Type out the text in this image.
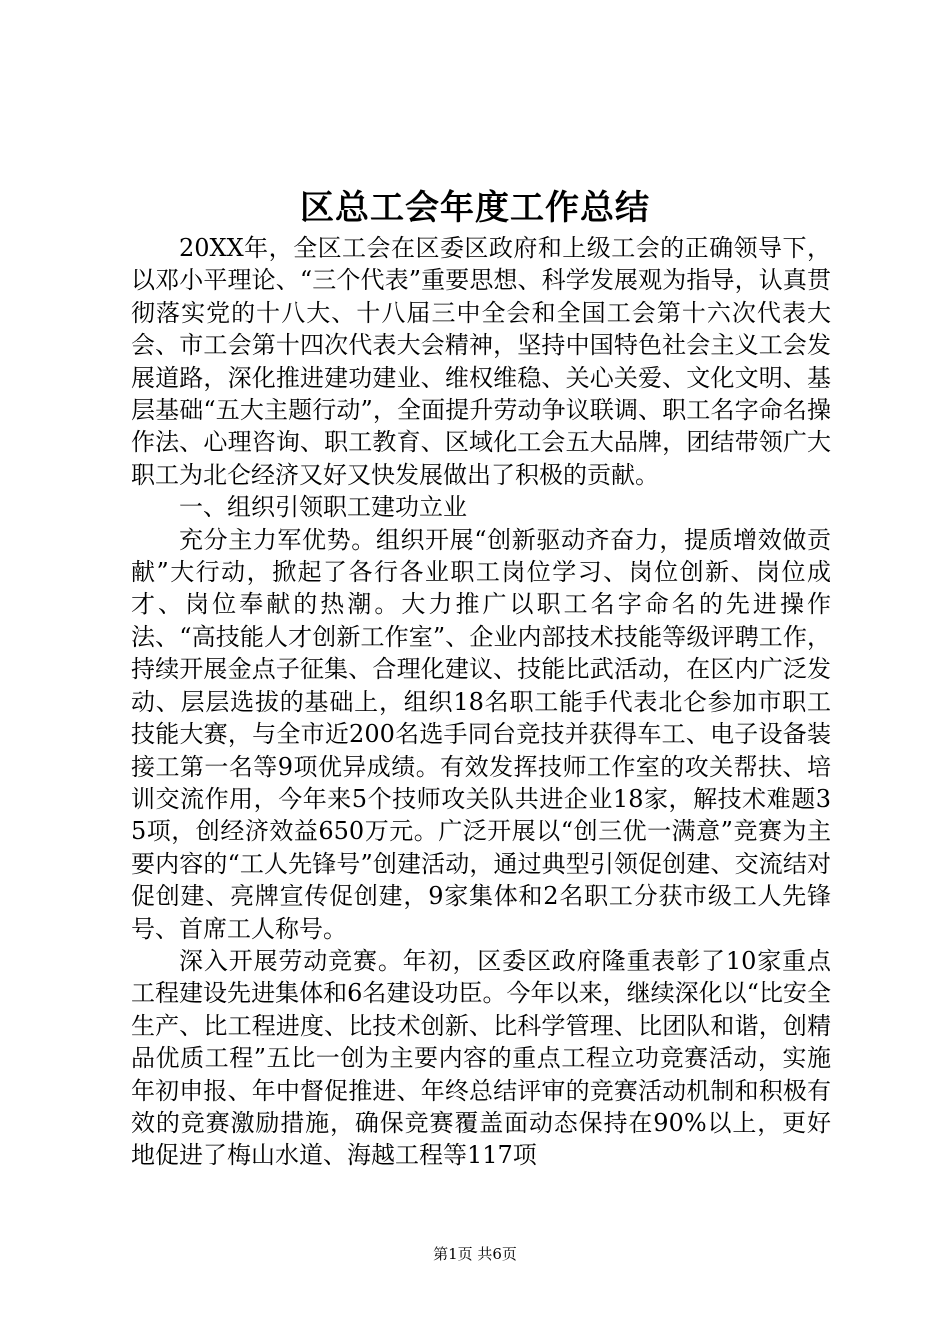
区总工会年度工作总结

20XX年，全区工会在区委区政府和上级工会的正确领导下，以邓小平理论、“三个代表”重要思想、科学发展观为指导，认真贯彻落实党的十八大、十八届三中全会和全国工会第十六次代表大会、市工会第十四次代表大会精神，坚持中国特色社会主义工会发展道路，深化推进建功建业、维权维稳、关心关爱、文化文明、基层基础“五大主题行动”，全面提升劳动争议联调、职工名字命名操作法、心理咨询、职工教育、区域化工会五大品牌，团结带领广大职工为北仑经济又好又快发展做出了积极的贡献。

一、组织引领职工建功立业

充分主力军优势。组织开展“创新驱动齐奋力，提质增效做贡献”大行动，掀起了各行各业职工岗位学习、岗位创新、岗位成才、岗位奉献的热潮。大力推广以职工名字命名的先进操作法、“高技能人才创新工作室”、企业内部技术技能等级评聘工作，持续开展金点子征集、合理化建议、技能比武活动，在区内广泛发动、层层选拔的基础上，组织18名职工能手代表北仑参加市职工技能大赛，与全市近200名选手同台竞技并获得车工、电子设备装接工第一名等9项优异成绩。有效发挥技师工作室的攻关帮扶、培训交流作用，今年来5个技师攻关队共进企业18家，解技术难题35项，创经济效益650万元。广泛开展以“创三优一满意”竞赛为主要内容的“工人先锋号”创建活动，通过典型引领促创建、交流结对促创建、亮牌宣传促创建，9家集体和2名职工分获市级工人先锋号、首席工人称号。

深入开展劳动竞赛。年初，区委区政府隆重表彰了10家重点工程建设先进集体和6名建设功臣。今年以来，继续深化以“比安全生产、比工程进度、比技术创新、比科学管理、比团队和谐，创精品优质工程”五比一创为主要内容的重点工程立功竞赛活动，实施年初申报、年中督促推进、年终总结评审的竞赛活动机制和积极有效的竞赛激励措施，确保竞赛覆盖面动态保持在90%以上，更好地促进了梅山水道、海越工程等117项

第1页 共6页
